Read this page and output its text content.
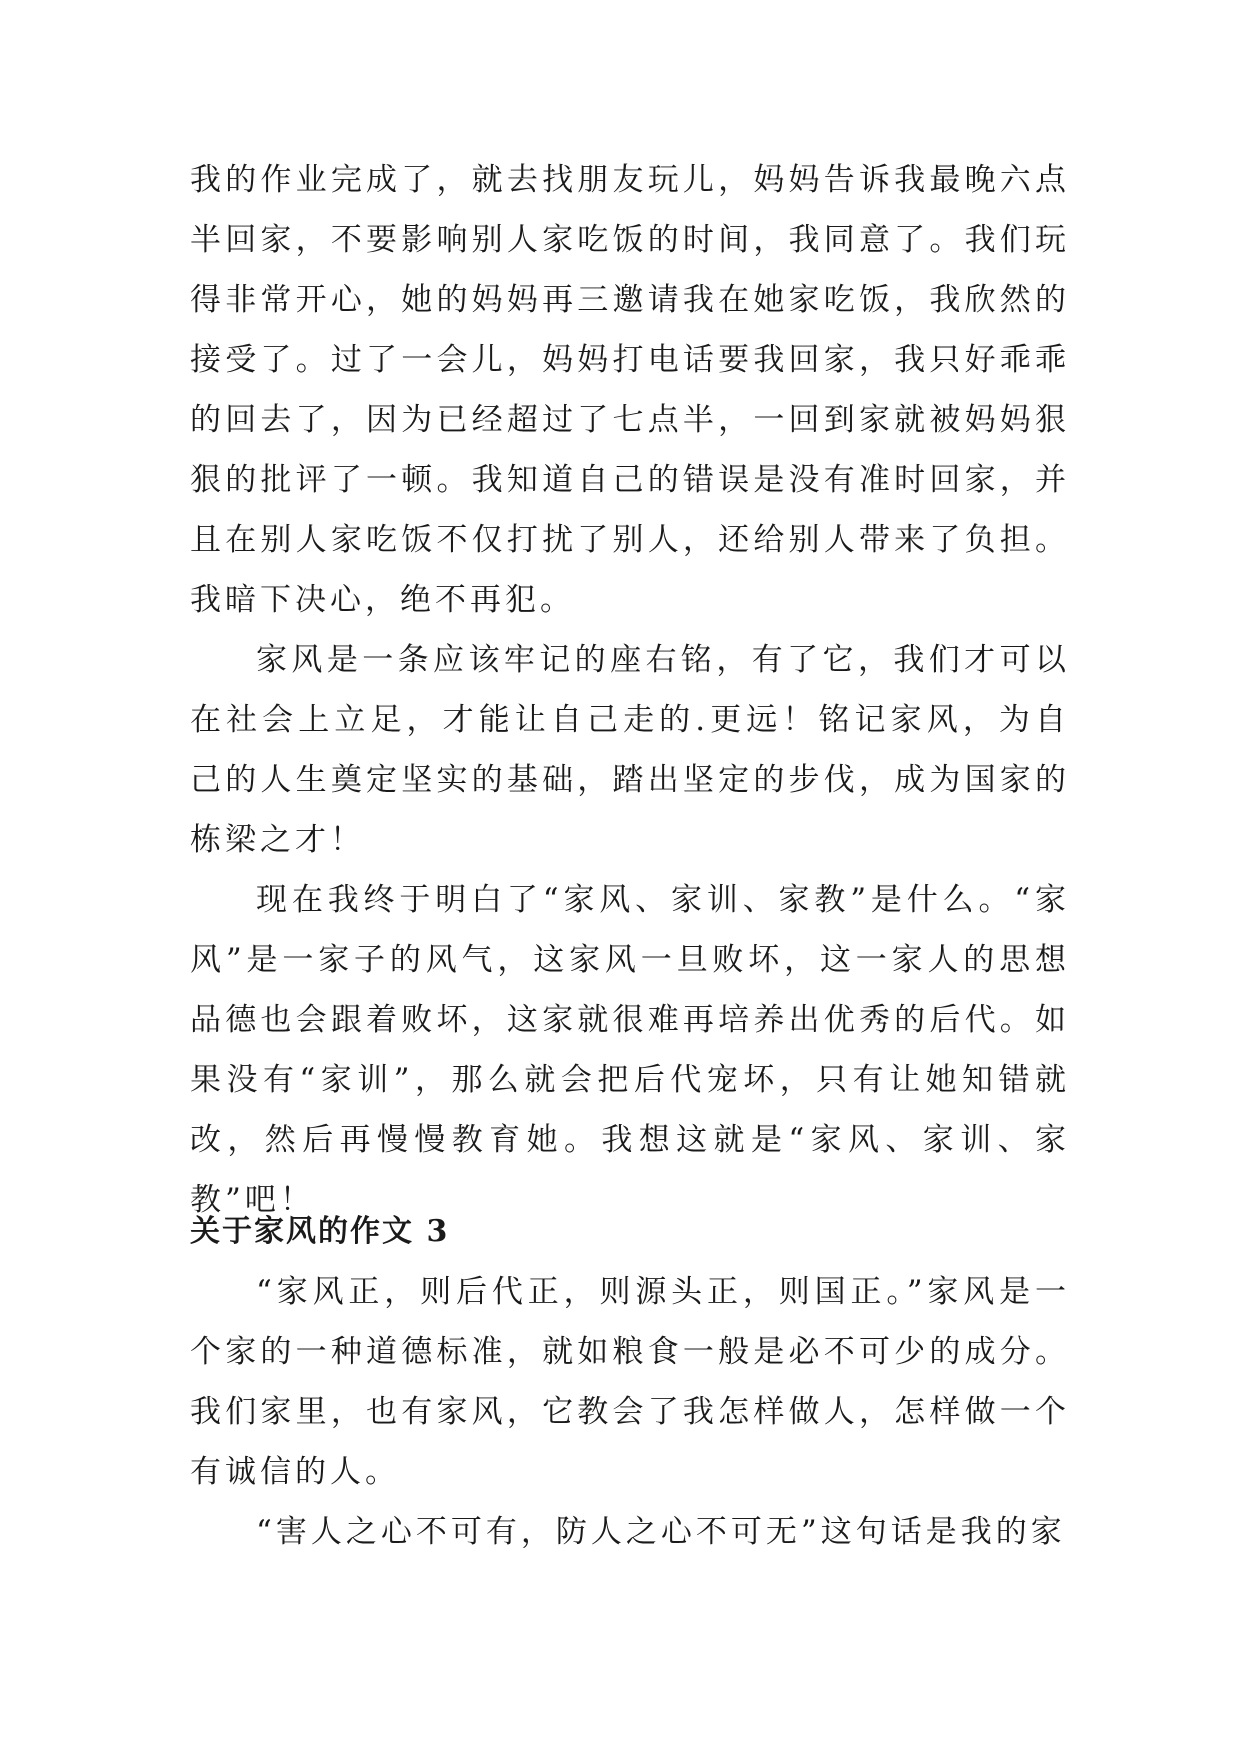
我的作业完成了，就去找朋友玩儿，妈妈告诉我最晚六点半回家，不要影响别人家吃饭的时间，我同意了。我们玩得非常开心，她的妈妈再三邀请我在她家吃饭，我欣然的接受了。过了一会儿，妈妈打电话要我回家，我只好乖乖的回去了，因为已经超过了七点半，一回到家就被妈妈狠狠的批评了一顿。我知道自己的错误是没有准时回家，并且在别人家吃饭不仅打扰了别人，还给别人带来了负担。我暗下决心，绝不再犯。

家风是一条应该牢记的座右铭，有了它，我们才可以在社会上立足，才能让自己走的.更远！铭记家风，为自己的人生奠定坚实的基础，踏出坚定的步伐，成为国家的栋梁之才！

现在我终于明白了“家风、家训、家教”是什么。“家风”是一家子的风气，这家风一旦败坏，这一家人的思想品德也会跟着败坏，这家就很难再培养出优秀的后代。如果没有“家训”，那么就会把后代宠坏，只有让她知错就改，然后再慢慢教育她。我想这就是“家风、家训、家教”吧！

关于家风的作文 3

“家风正，则后代正，则源头正，则国正。”家风是一个家的一种道德标准，就如粮食一般是必不可少的成分。我们家里，也有家风，它教会了我怎样做人，怎样做一个有诚信的人。

“害人之心不可有，防人之心不可无”这句话是我的家
